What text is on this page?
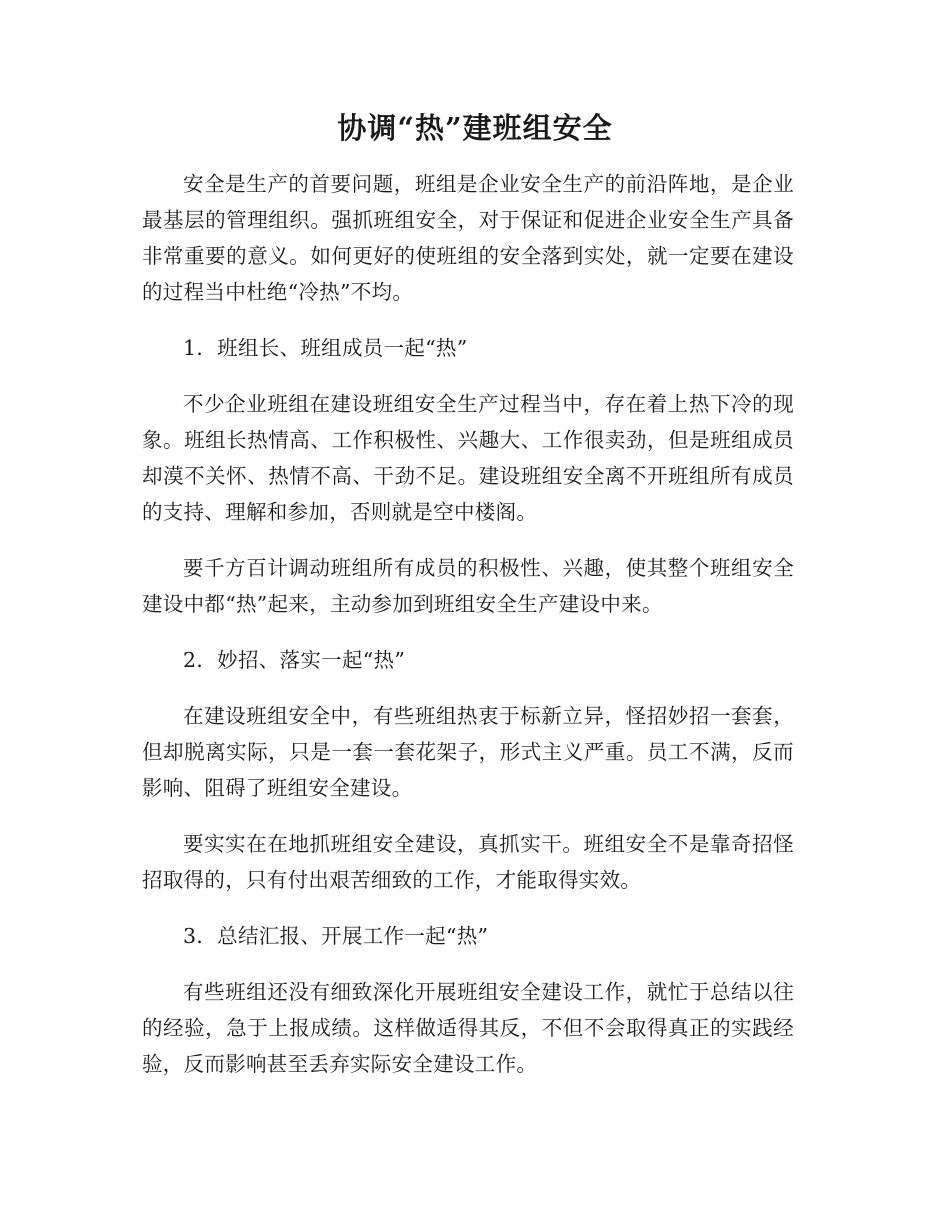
协调“热”建班组安全

安全是生产的首要问题，班组是企业安全生产的前沿阵地，是企业最基层的管理组织。强抓班组安全，对于保证和促进企业安全生产具备非常重要的意义。如何更好的使班组的安全落到实处，就一定要在建设的过程当中杜绝“冷热”不均。

1．班组长、班组成员一起“热”

不少企业班组在建设班组安全生产过程当中，存在着上热下冷的现象。班组长热情高、工作积极性、兴趣大、工作很卖劲，但是班组成员却漠不关怀、热情不高、干劲不足。建设班组安全离不开班组所有成员的支持、理解和参加，否则就是空中楼阁。

要千方百计调动班组所有成员的积极性、兴趣，使其整个班组安全建设中都“热”起来，主动参加到班组安全生产建设中来。

2．妙招、落实一起“热”

在建设班组安全中，有些班组热衷于标新立异，怪招妙招一套套，但却脱离实际，只是一套一套花架子，形式主义严重。员工不满，反而影响、阻碍了班组安全建设。

要实实在在地抓班组安全建设，真抓实干。班组安全不是靠奇招怪招取得的，只有付出艰苦细致的工作，才能取得实效。

3．总结汇报、开展工作一起“热”

有些班组还没有细致深化开展班组安全建设工作，就忙于总结以往的经验，急于上报成绩。这样做适得其反，不但不会取得真正的实践经验，反而影响甚至丢弃实际安全建设工作。
